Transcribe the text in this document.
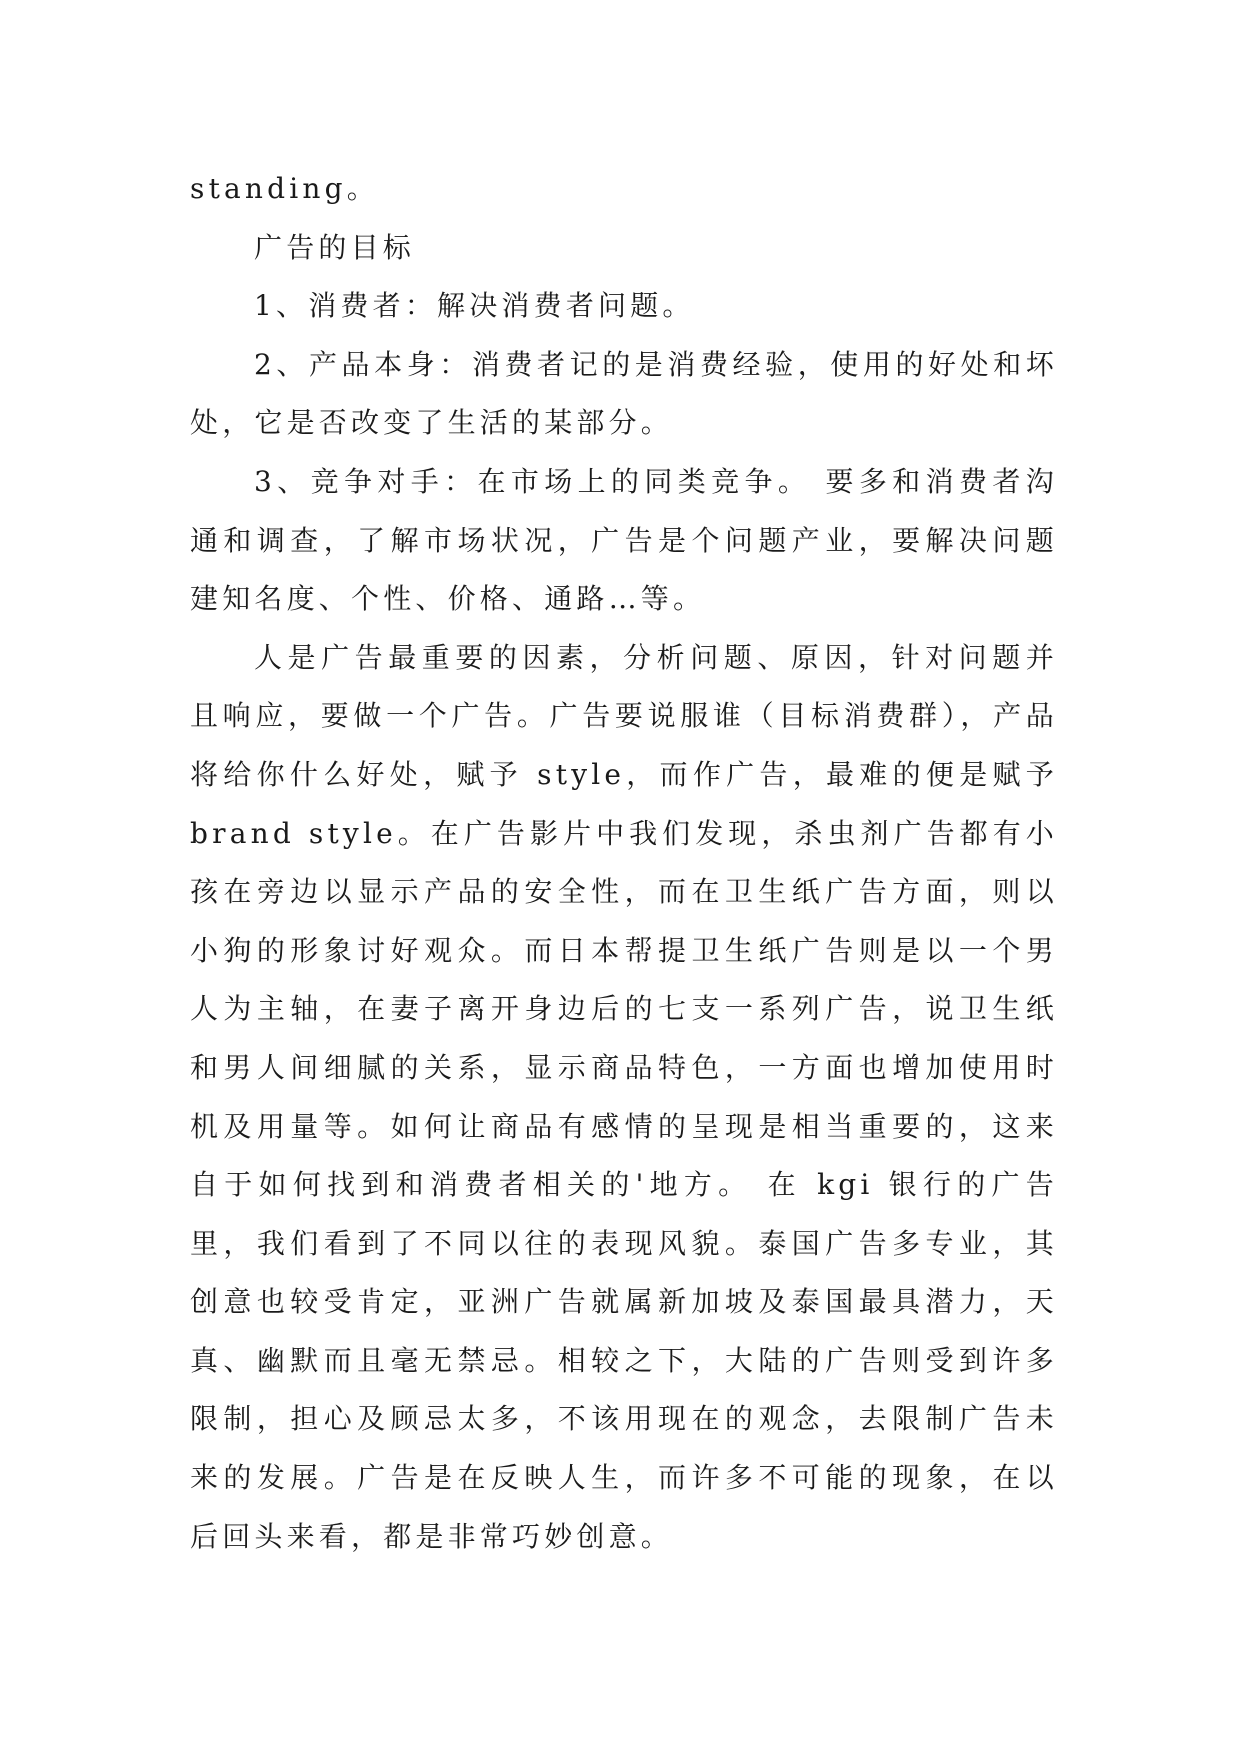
standing。

广告的目标

1、消费者：解决消费者问题。

2、产品本身：消费者记的是消费经验，使用的好处和坏处，它是否改变了生活的某部分。

3、竞争对手：在市场上的同类竞争。 要多和消费者沟通和调查，了解市场状况，广告是个问题产业，要解决问题建知名度、个性、价格、通路…等。

人是广告最重要的因素，分析问题、原因，针对问题并且响应，要做一个广告。广告要说服谁（目标消费群），产品将给你什么好处，赋予 style，而作广告，最难的便是赋予 brand style。在广告影片中我们发现，杀虫剂广告都有小孩在旁边以显示产品的安全性，而在卫生纸广告方面，则以小狗的形象讨好观众。而日本帮提卫生纸广告则是以一个男人为主轴，在妻子离开身边后的七支一系列广告，说卫生纸和男人间细腻的关系，显示商品特色，一方面也增加使用时机及用量等。如何让商品有感情的呈现是相当重要的，这来自于如何找到和消费者相关的'地方。 在 kgi 银行的广告里，我们看到了不同以往的表现风貌。泰国广告多专业，其创意也较受肯定，亚洲广告就属新加坡及泰国最具潜力，天真、幽默而且毫无禁忌。相较之下，大陆的广告则受到许多限制，担心及顾忌太多，不该用现在的观念，去限制广告未来的发展。广告是在反映人生，而许多不可能的现象，在以后回头来看，都是非常巧妙创意。
